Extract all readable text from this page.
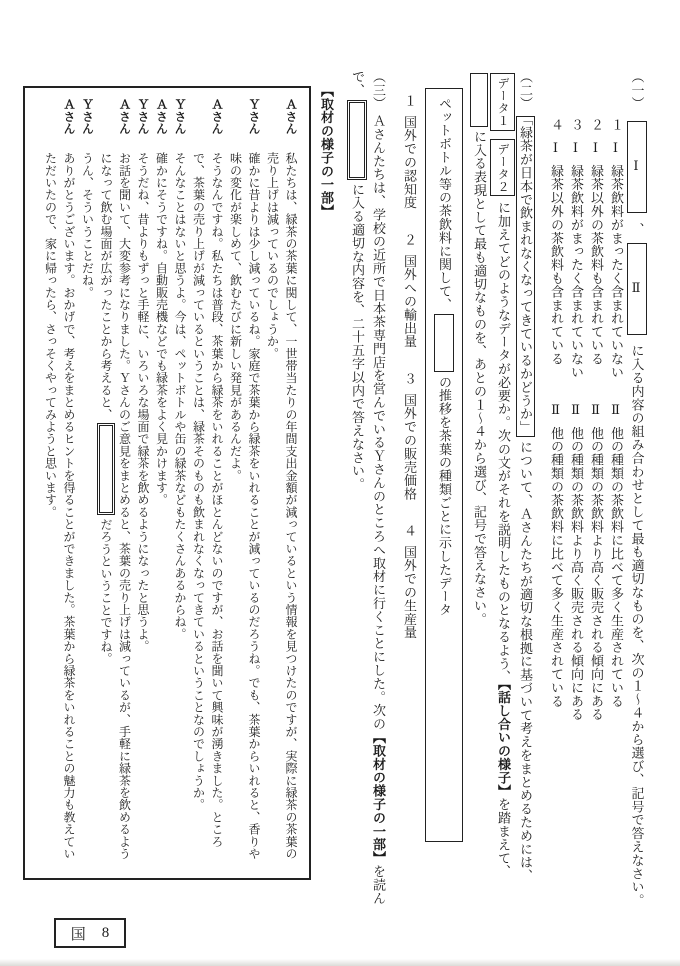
（一）
Ⅰ
、
Ⅱ
に入る内容の組み合わせとして最も適切なものを、次の１～４から選び、記号で答えなさい。

１Ⅰ緑茶飲料がまったく含まれていないⅡ他の種類の茶飲料に比べて多く生産されている

２Ⅰ緑茶以外の茶飲料も含まれているⅡ他の種類の茶飲料より高く販売される傾向にある

３Ⅰ緑茶飲料がまったく含まれていないⅡ他の種類の茶飲料より高く販売される傾向にある

４Ⅰ緑茶以外の茶飲料も含まれているⅡ他の種類の茶飲料に比べて多く生産されている

（二）「緑茶が日本で飲まれなくなってきているかどうか」について、Ａさんたちが適切な根拠に基づいて考えをまとめるためには、データ１データ２に加えてどのようなデータが必要か。次の文がそれを説明したものとなるよう、【話し合いの様子】を踏まえて、に入る表現として最も適切なものを、あとの１～４から選び、記号で答えなさい。

ペットボトル等の茶飲料に関して、の推移を茶葉の種類ごとに示したデータ

１国外での認知度 ２国外への輸出量 ３国外での販売価格 ４国外での生産量

（三）Ａさんたちは、学校の近所で日本茶専門店を営んでいるＹさんのところへ取材に行くことにした。次の【取材の様子の一部】を読んで、に入る適切な内容を、二十五字以内で答えなさい。

【取材の様子の一部】

Ａさん私たちは、緑茶の茶葉に関して、一世帯当たりの年間支出金額が減っているという情報を見つけたのですが、実際に緑茶の茶葉の売り上げは減っているのでしょうか。

Ｙさん確かに昔よりは少し減っているね。家庭で茶葉から緑茶をいれることが減っているのだろうね。でも、茶葉からいれると、香りや味の変化が楽しめて、飲むたびに新しい発見があるんだよ。

Ａさんそうなんですね。私たちは普段、茶葉から緑茶をいれることがほとんどないのですが、お話を聞いて興味が湧きました。ところで、茶葉の売り上げが減っているということは、緑茶そのものも飲まれなくなってきているということなのでしょうか。

Ｙさんそんなことはないと思うよ。今は、ペットボトルや缶の緑茶などもたくさんあるからね。

Ａさん確かにそうですね。自動販売機などでも緑茶をよく見かけます。

Ｙさんそうだね、昔よりもずっと手軽に、いろいろな場面で緑茶を飲めるようになったと思うよ。

Ａさんお話を聞いて、大変参考になりました。Ｙさんのご意見をまとめると、茶葉の売り上げは減っているが、手軽に緑茶を飲めるようになって飲む場面が広がったことから考えると、だろうということですね。

Ｙさんうん、そういうことだね。

Ａさんありがとうございます。おかげで、考えをまとめるヒントを得ることができました。茶葉から緑茶をいれることの魅力も教えていただいたので、家に帰ったら、さっそくやってみようと思います。

国 8
